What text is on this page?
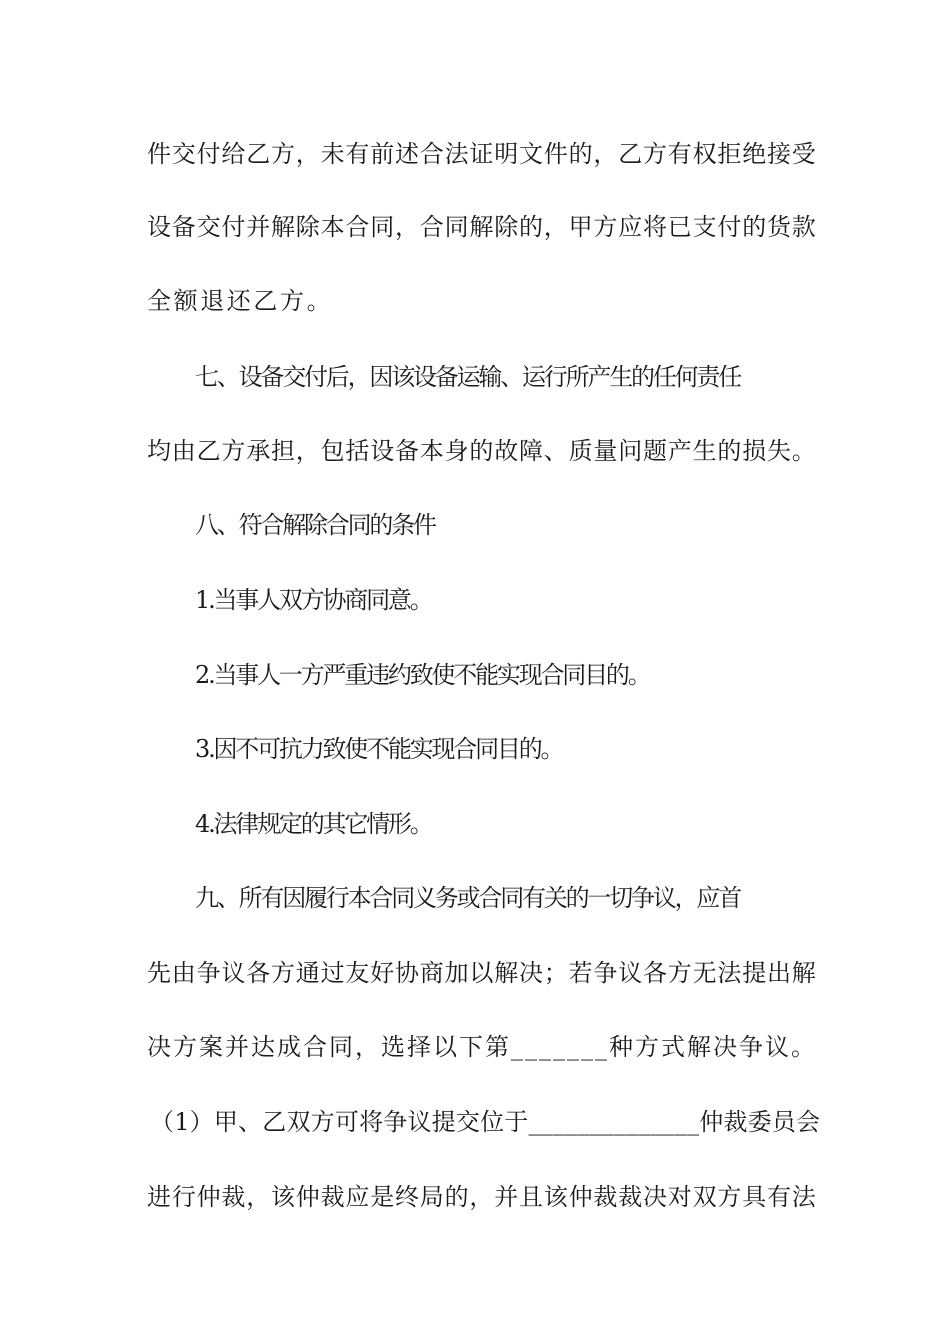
件交付给乙方，未有前述合法证明文件的，乙方有权拒绝接受
设备交付并解除本合同，合同解除的，甲方应将已支付的货款
全额退还乙方。
七、设备交付后，因该设备运输、运行所产生的任何责任
均由乙方承担，包括设备本身的故障、质量问题产生的损失。
八、符合解除合同的条件
1.当事人双方协商同意。
2.当事人一方严重违约致使不能实现合同目的。
3.因不可抗力致使不能实现合同目的。
4.法律规定的其它情形。
九、所有因履行本合同义务或合同有关的一切争议，应首
先由争议各方通过友好协商加以解决；若争议各方无法提出解
决方案并达成合同，选择以下第_______种方式解决争议。
（1）甲、乙双方可将争议提交位于______________仲裁委员会
进行仲裁，该仲裁应是终局的，并且该仲裁裁决对双方具有法
